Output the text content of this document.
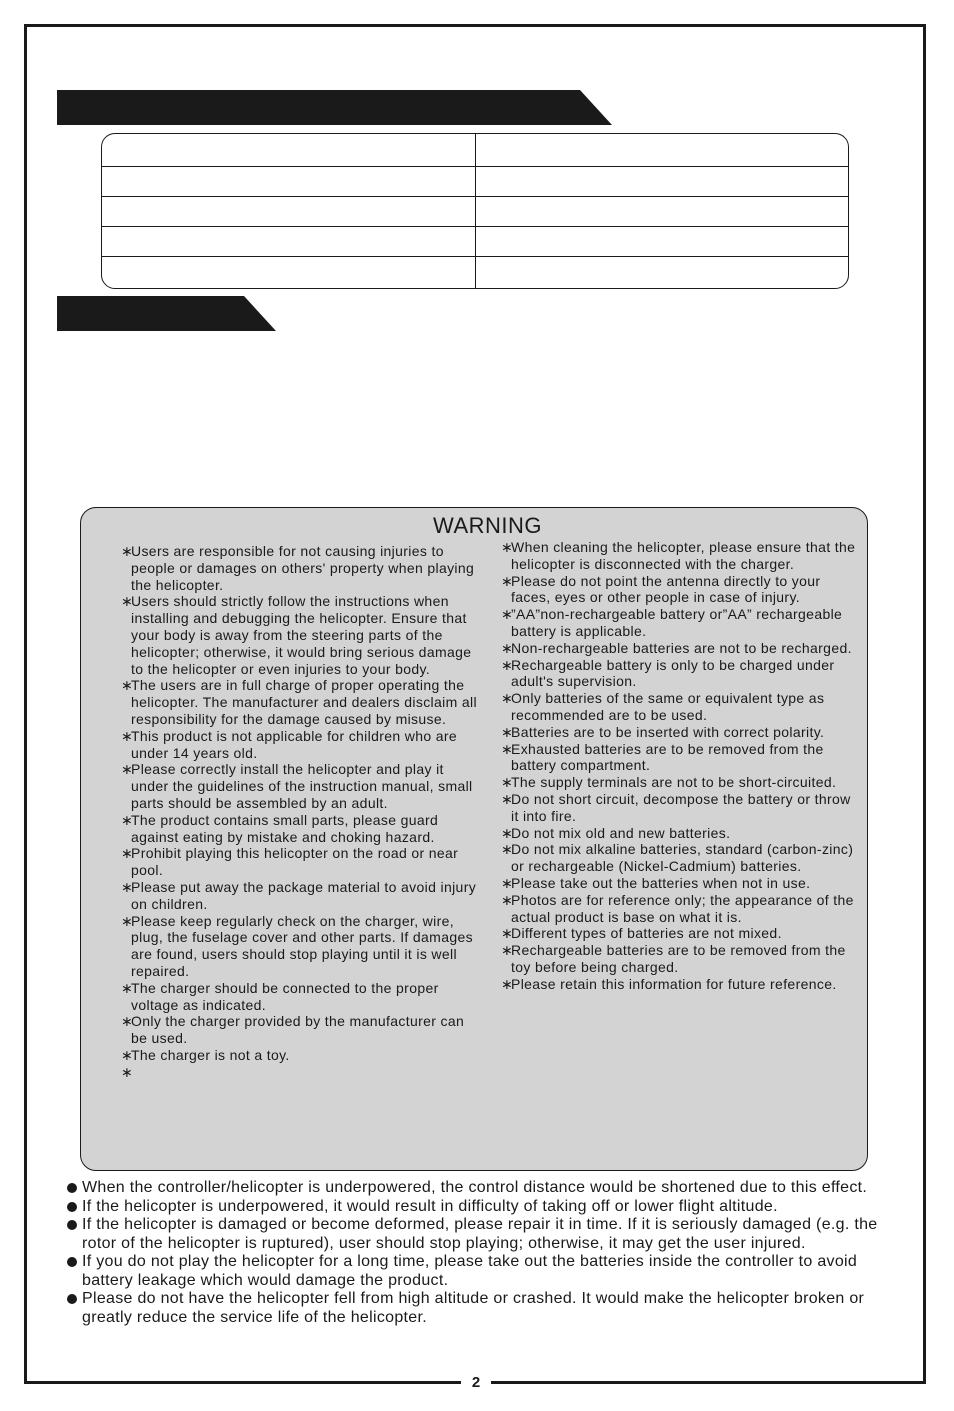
WARNING
∗Users are responsible for not causing injuries to people or damages on others' property when playing the helicopter.
∗Users should strictly follow the instructions when installing and debugging the helicopter. Ensure that your body is away from the steering parts of the helicopter; otherwise, it would bring serious damage to the helicopter or even injuries to your body.
∗The users are in full charge of proper operating the helicopter. The manufacturer and dealers disclaim all responsibility for the damage caused by misuse.
∗This product is not applicable for children who are under 14 years old.
∗Please correctly install the helicopter and play it under the guidelines of the instruction manual, small parts should be assembled by an adult.
∗The product contains small parts, please guard against eating by mistake and choking hazard.
∗Prohibit playing this helicopter on the road or near pool.
∗Please put away the package material to avoid injury on children.
∗Please keep regularly check on the charger, wire, plug, the fuselage cover and other parts. If damages are found, users should stop playing until it is well repaired.
∗The charger should be connected to the proper voltage as indicated.
∗Only the charger provided by the manufacturer can be used.
∗The charger is not a toy.
∗
∗When cleaning the helicopter, please ensure that the helicopter is disconnected with the charger.
∗Please do not point the antenna directly to your faces, eyes or other people in case of injury.
∗”AA”non-rechargeable battery or”AA” rechargeable battery is applicable.
∗Non-rechargeable batteries are not to be recharged.
∗Rechargeable battery is only to be charged under adult's supervision.
∗Only batteries of the same or equivalent type as recommended are to be used.
∗Batteries are to be inserted with correct polarity.
∗Exhausted batteries are to be removed from the battery compartment.
∗The supply terminals are not to be short-circuited.
∗Do not short circuit, decompose the battery or throw it into fire.
∗Do not mix old and new batteries.
∗Do not mix alkaline batteries, standard (carbon-zinc) or rechargeable (Nickel-Cadmium) batteries.
∗Please take out the batteries when not in use.
∗Photos are for reference only; the appearance of the actual product is base on what it is.
∗Different types of batteries are not mixed.
∗Rechargeable batteries are to be removed from the toy before being charged.
∗Please retain this information for future reference.
When the controller/helicopter is underpowered, the control distance would be shortened due to this effect.
If the helicopter is underpowered, it would result in difficulty of taking off or lower flight altitude.
If the helicopter is damaged or become deformed, please repair it in time. If it is seriously damaged (e.g. the rotor of the helicopter is ruptured), user should stop playing; otherwise, it may get the user injured.
If you do not play the helicopter for a long time, please take out the batteries inside the controller to avoid battery leakage which would damage the product.
Please do not have the helicopter fell from high altitude or crashed. It would make the helicopter broken or greatly reduce the service life of the helicopter.
2
